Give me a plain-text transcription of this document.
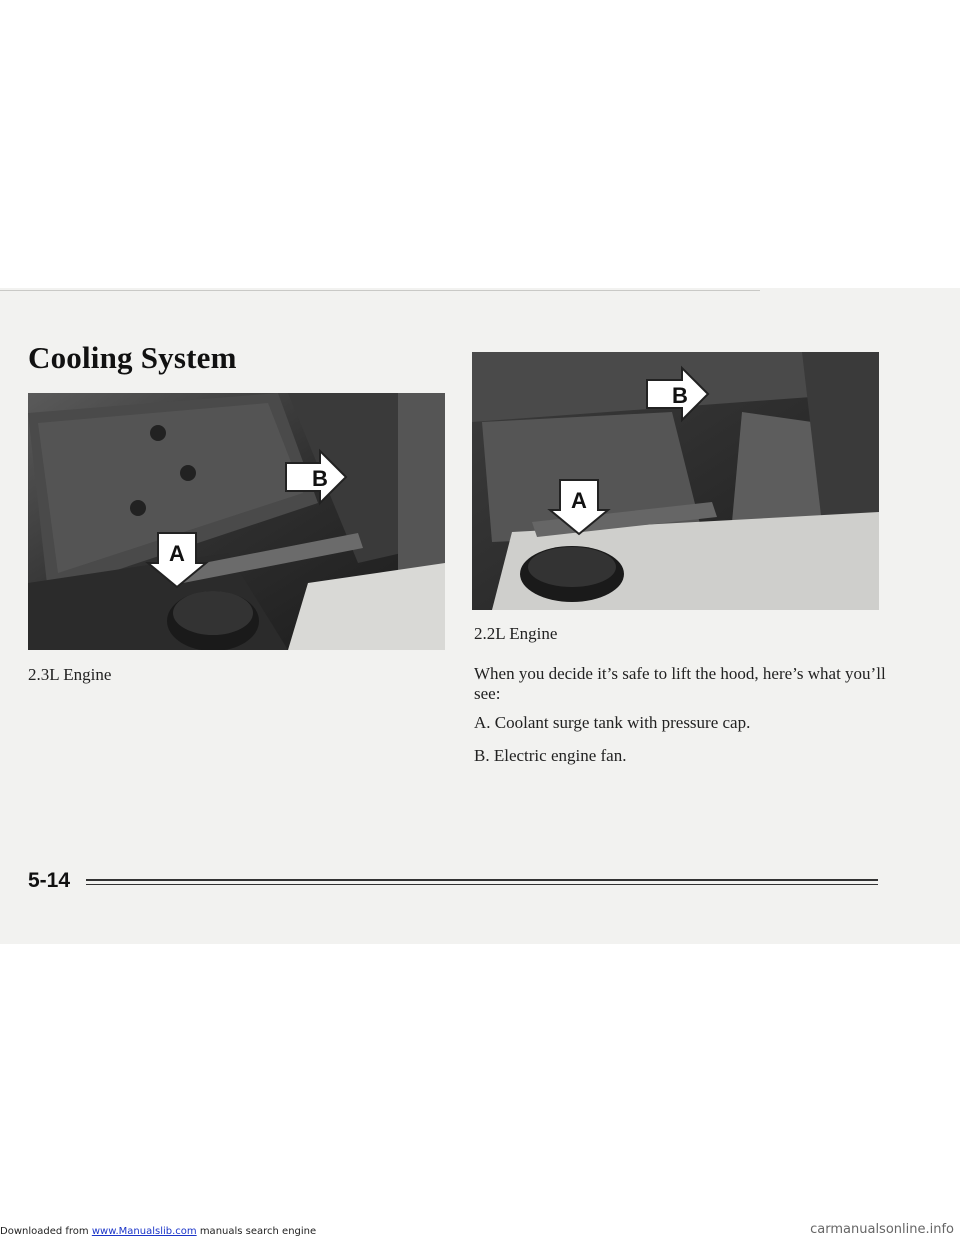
Cooling System
B
A
B
A

2.2L Engine

2.3L Engine	When you decide it’s safe to lift the hood, here’s what you’ll see:

A. Coolant surge tank with pressure cap.

B. Electric engine fan.

5-14

Downloaded from www.Manualslib.com manuals search engine	carmanualsonline.info
